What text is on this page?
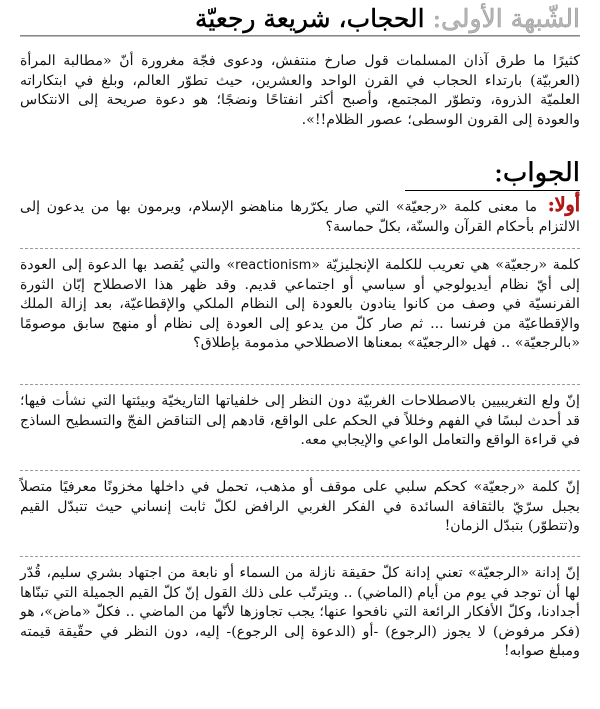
الشّبهة الأولى: الحجاب، شريعة رجعيّة

كثيرًا ما طرق آذان المسلمات قول صارخ منتفش، ودعوى فجّة مغرورة أنّ «مطالبة المرأة (العربيّة) بارتداء الحجاب في القرن الواحد والعشرين، حيث تطوّر العالم، وبلغ في ابتكاراته العلميّة الذروة، وتطوّر المجتمع، وأصبح أكثر انفتاحًا ونضجًا؛ هو دعوة صريحة إلى الانتكاس والعودة إلى القرون الوسطى؛ عصور الظلام!!».

الجواب:

أولا: ما معنى كلمة «رجعيّة» التي صار يكرّرها مناهضو الإسلام، ويرمون بها من يدعون إلى الالتزام بأحكام القرآن والسنّة، بكلّ حماسة؟

كلمة «رجعيّة» هي تعريب للكلمة الإنجليزيّة «reactionism» والتي يُقصد بها الدعوة إلى العودة إلى أيّ نظام أيديولوجي أو سياسي أو اجتماعي قديم. وقد ظهر هذا الاصطلاح إبّان الثورة الفرنسيّة في وصف من كانوا ينادون بالعودة إلى النظام الملكي والإقطاعيّة، بعد إزالة الملك والإقطاعيّة من فرنسا ... ثم صار كلّ من يدعو إلى العودة إلى نظام أو منهج سابق موصومًا «بالرجعيّة» .. فهل «الرجعيّة» بمعناها الاصطلاحي مذمومة بإطلاق؟

إنّ ولع التغريبيين بالاصطلاحات الغربيّة دون النظر إلى خلفياتها التاريخيّة وبيئتها التي نشأت فيها؛ قد أحدث لبسًا في الفهم وخللاً في الحكم على الواقع، قادهم إلى التناقض الفجّ والتسطيح الساذج في قراءة الواقع والتعامل الواعي والإيجابي معه.

إنّ كلمة «رجعيّة» كحكم سلبي على موقف أو مذهب، تحمل في داخلها مخزونًا معرفيًا متصلاً بجبل سرّيّ بالثقافة السائدة في الفكر الغربي الرافض لكلّ ثابت إنساني حيث تتبدّل القيم و(تتطوّر) بتبدّل الزمان!

إنّ إدانة «الرجعيّة» تعني إدانة كلّ حقيقة نازلة من السماء أو نابعة من اجتهاد بشري سليم، قُدّر لها أن توجد في يوم من أيام (الماضي) .. ويترتّب على ذلك القول إنّ كلّ القيم الجميلة التي تبنّاها أجدادنا، وكلّ الأفكار الرائعة التي نافحوا عنها؛ يجب تجاوزها لأنّها من الماضي .. فكلّ «ماض»، هو (فكر مرفوض) لا يجوز (الرجوع) -أو (الدعوة إلى الرجوع)- إليه، دون النظر في حقّيقة قيمته ومبلغ صوابه!
